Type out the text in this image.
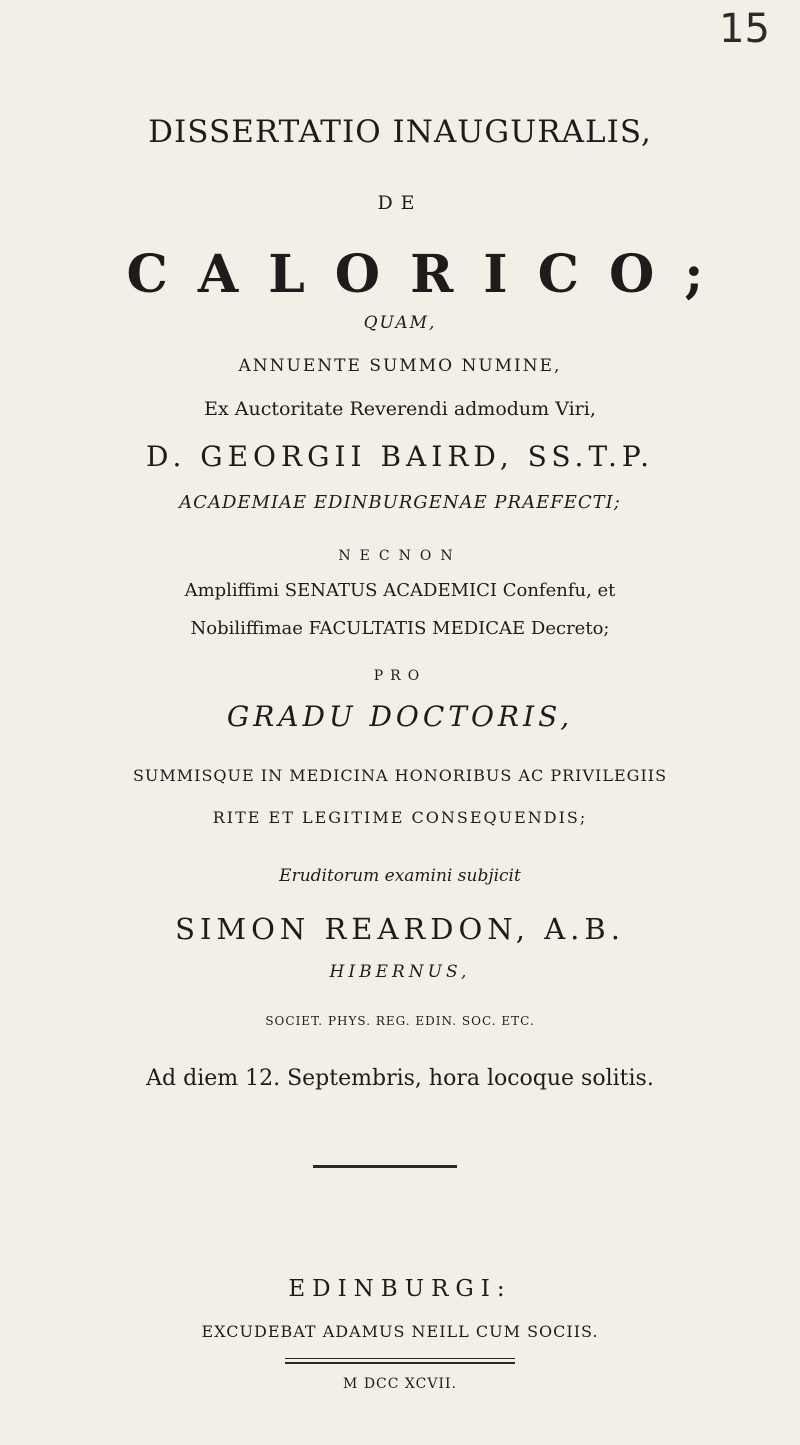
15
DISSERTATIO INAUGURALIS,
DE
CALORICO;
QUAM,
ANNUENTE SUMMO NUMINE,
Ex Auctoritate Reverendi admodum Viri,
D. GEORGII BAIRD, SS.T.P.
ACADEMIAE EDINBURGENAE PRAEFECTI;
NECNON
Ampliffimi SENATUS ACADEMICI Confenfu, et
Nobiliffimae FACULTATIS MEDICAE Decreto;
PRO
GRADU DOCTORIS,
SUMMISQUE IN MEDICINA HONORIBUS AC PRIVILEGIIS
RITE ET LEGITIME CONSEQUENDIS;
Eruditorum examini subjicit
SIMON REARDON, A.B.
HIBERNUS,
SOCIET. PHYS. REG. EDIN. SOC. ETC.
Ad diem 12. Septembris, hora locoque solitis.
EDINBURGI:
EXCUDEBAT ADAMUS NEILL CUM SOCIIS.
M DCC XCVII.
